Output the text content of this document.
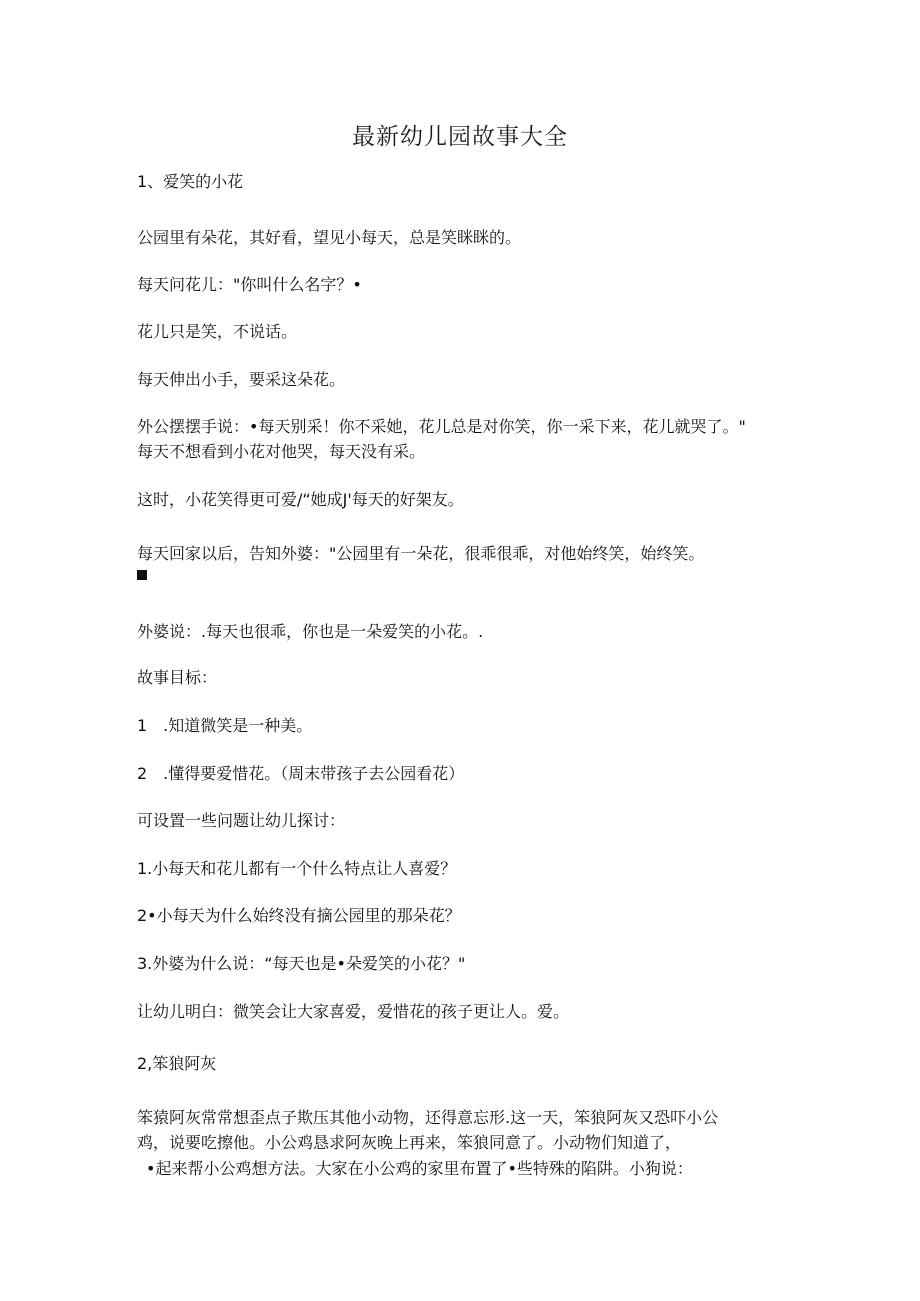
最新幼儿园故事大全
1、爱笑的小花
公园里有朵花，其好看，望见小每天，总是笑眯眯的。
每天问花儿："你叫什么名字？•
花儿只是笑，不说话。
每天伸出小手，要采这朵花。
外公摆摆手说：•每天别采！你不采她，花儿总是对你笑，你一采下来，花儿就哭了。"
每天不想看到小花对他哭，每天没有采。
这时，小花笑得更可爱/“她成J'每天的好架友。
每天回家以后，告知外婆："公园里有一朵花，很乖很乖，对他始终笑，始终笑。
外婆说：.每天也很乖，你也是一朵爱笑的小花。.
故事目标：
1　.知道微笑是一种美。
2　.懂得要爱惜花。（周末带孩子去公园看花）
可设置一些问题让幼儿探讨：
1.小每天和花儿都有一个什么特点让人喜爱？
2•小每天为什么始终没有摘公园里的那朵花？
3.外婆为什么说：“每天也是•朵爱笑的小花？"
让幼儿明白：微笑会让大家喜爱，爱惜花的孩子更让人。爱。
2,笨狼阿灰
笨猿阿灰常常想歪点子欺压其他小动物，还得意忘形.这一天，笨狼阿灰又恐吓小公
鸡，说要吃擦他。小公鸡恳求阿灰晚上再来，笨狼同意了。小动物们知道了，
•起来帮小公鸡想方法。大家在小公鸡的家里布置了•些特殊的陷阱。小狗说：
